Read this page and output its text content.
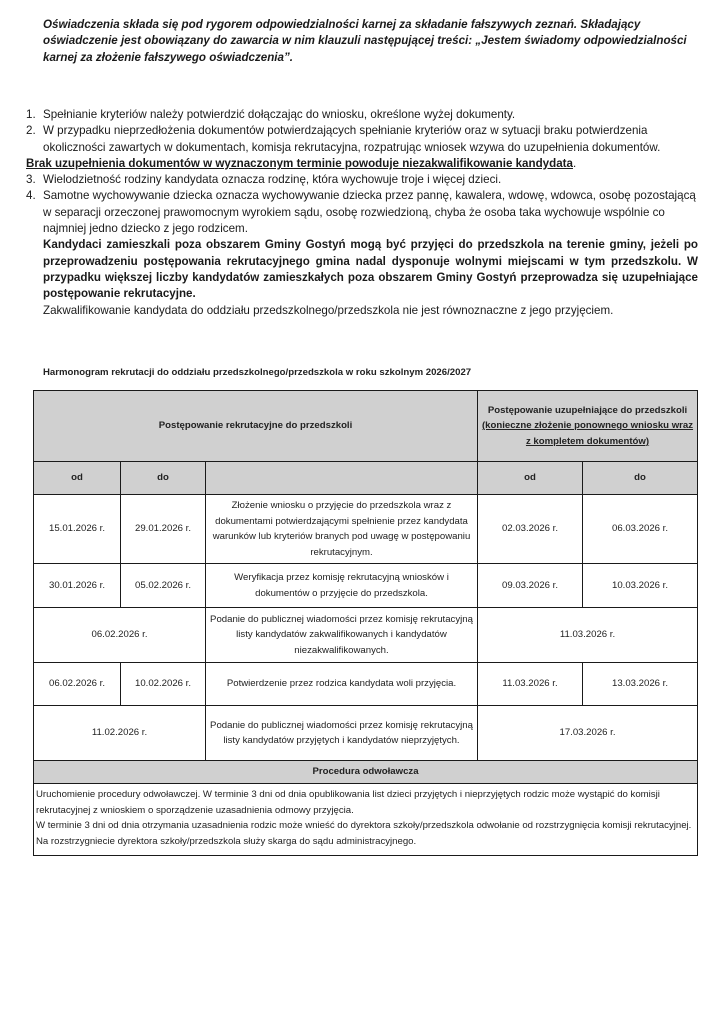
Oświadczenia składa się pod rygorem odpowiedzialności karnej za składanie fałszywych zeznań. Składający oświadczenie jest obowiązany do zawarcia w nim klauzuli następującej treści: „Jestem świadomy odpowiedzialności karnej za złożenie fałszywego oświadczenia”.
1. Spełnianie kryteriów należy potwierdzić dołączając do wniosku, określone wyżej dokumenty.
2. W przypadku nieprzedłożenia dokumentów potwierdzających spełnianie kryteriów oraz w sytuacji braku potwierdzenia okoliczności zawartych w dokumentach, komisja rekrutacyjna, rozpatrując wniosek wzywa do uzupełnienia dokumentów.
Brak uzupełnienia dokumentów w wyznaczonym terminie powoduje niezakwalifikowanie kandydata.
3. Wielodzietność rodziny kandydata oznacza rodzinę, która wychowuje troje i więcej dzieci.
4. Samotne wychowywanie dziecka oznacza wychowywanie dziecka przez pannę, kawalera, wdowę, wdowca, osobę pozostającą     w separacji orzeczonej prawomocnym wyrokiem sądu, osobę rozwiedzioną, chyba że osoba taka wychowuje wspólnie co najmniej jedno dziecko z jego rodzicem.
Kandydaci zamieszkali poza obszarem Gminy Gostyń mogą być przyjęci do przedszkola na terenie gminy, jeżeli po przeprowadzeniu postępowania rekrutacyjnego gmina nadal dysponuje wolnymi miejscami w tym przedszkolu. W przypadku większej liczby kandydatów zamieszkałych poza obszarem Gminy Gostyń przeprowadza się uzupełniające postępowanie rekrutacyjne.
Zakwalifikowanie kandydata do oddziału przedszkolnego/przedszkola nie jest równoznaczne z jego przyjęciem.
Harmonogram rekrutacji do oddziału przedszkolnego/przedszkola w roku szkolnym 2026/2027
Postępowanie rekrutacyjne do przedszkoli			Postępowanie uzupełniające do przedszkoli
(konieczne złożenie ponownego wniosku wraz z kompletem dokumentów)	

od	do		od	do
15.01.2026 r.	29.01.2026 r.	Złożenie wniosku o przyjęcie do przedszkola wraz z dokumentami potwierdzającymi spełnienie przez kandydata warunków lub kryteriów branych pod uwagę w postępowaniu rekrutacyjnym.	02.03.2026 r.	06.03.2026 r.
30.01.2026 r.	05.02.2026 r.	Weryfikacja przez komisję rekrutacyjną wniosków i dokumentów o przyjęcie do przedszkola.	09.03.2026 r.	10.03.2026 r.
06.02.2026 r.		Podanie do publicznej wiadomości przez komisję rekrutacyjną listy kandydatów zakwalifikowanych i kandydatów niezakwalifikowanych.	11.03.2026 r.	
06.02.2026 r.	10.02.2026 r.	Potwierdzenie przez rodzica kandydata woli przyjęcia.	11.03.2026 r.	13.03.2026 r.
11.02.2026 r.		Podanie do publicznej wiadomości przez komisję rekrutacyjną listy kandydatów przyjętych i kandydatów nieprzyjętych.	17.03.2026 r.	
Procedura odwoławcza				

Uruchomienie procedury odwoławczej. W terminie 3 dni od dnia opublikowania list dzieci przyjętych i nieprzyjętych rodzic może wystąpić do komisji rekrutacyjnej z wnioskiem o sporządzenie uzasadnienia odmowy przyjęcia.
W terminie 3 dni od dnia otrzymania uzasadnienia rodzic może wnieść do dyrektora szkoły/przedszkola odwołanie od rozstrzygnięcia komisji rekrutacyjnej.
Na rozstrzygniecie dyrektora szkoły/przedszkola służy skarga do sądu administracyjnego.				
